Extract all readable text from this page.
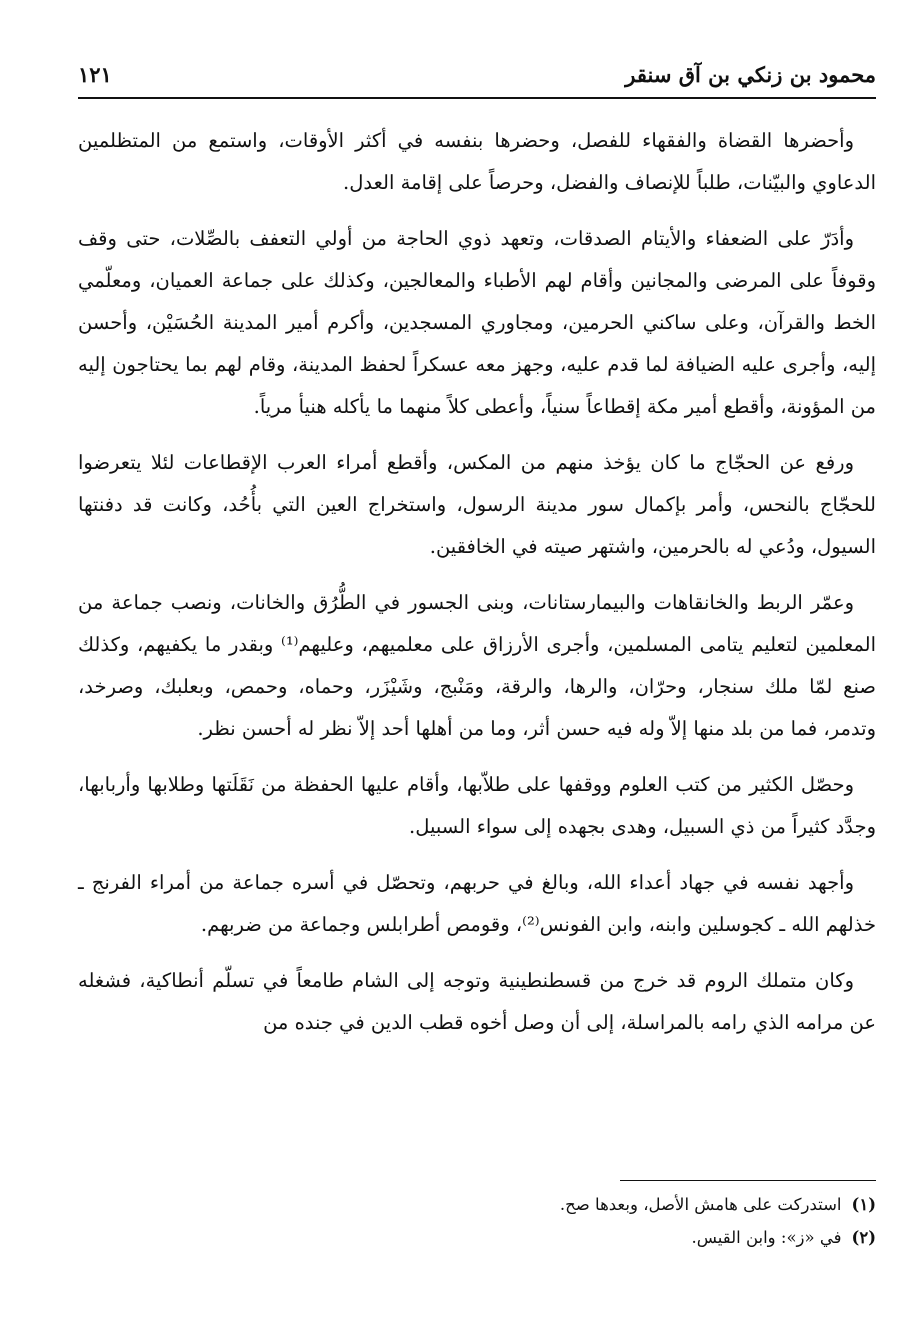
محمود بن زنكي بن آق سنقر
١٢١

وأحضرها القضاة والفقهاء للفصل، وحضرها بنفسه في أكثر الأوقات، واستمع من المتظلمين الدعاوي والبيّنات، طلباً للإنصاف والفضل، وحرصاً على إقامة العدل.

وأدَرّ على الضعفاء والأيتام الصدقات، وتعهد ذوي الحاجة من أولي التعفف بالصِّلات، حتى وقف وقوفاً على المرضى والمجانين وأقام لهم الأطباء والمعالجين، وكذلك على جماعة العميان، ومعلّمي الخط والقرآن، وعلى ساكني الحرمين، ومجاوري المسجدين، وأكرم أمير المدينة الحُسَيْن، وأحسن إليه، وأجرى عليه الضيافة لما قدم عليه، وجهز معه عسكراً لحفظ المدينة، وقام لهم بما يحتاجون إليه من المؤونة، وأقطع أمير مكة إقطاعاً سنياً، وأعطى كلاً منهما ما يأكله هنيأ مرياً.

ورفع عن الحجّاج ما كان يؤخذ منهم من المكس، وأقطع أمراء العرب الإقطاعات لئلا يتعرضوا للحجّاج بالنحس، وأمر بإكمال سور مدينة الرسول، واستخراج العين التي بأُحُد، وكانت قد دفنتها السيول، ودُعي له بالحرمين، واشتهر صيته في الخافقين.

وعمّر الربط والخانقاهات والبيمارستانات، وبنى الجسور في الطُّرُق والخانات، ونصب جماعة من المعلمين لتعليم يتامى المسلمين، وأجرى الأرزاق على معلميهم، وعليهم⁽¹⁾ وبقدر ما يكفيهم، وكذلك صنع لمّا ملك سنجار، وحرّان، والرها، والرقة، ومَنْبج، وشَيْزَر، وحماه، وحمص، وبعلبك، وصرخد، وتدمر، فما من بلد منها إلاّ وله فيه حسن أثر، وما من أهلها أحد إلاّ نظر له أحسن نظر.

وحصّل الكثير من كتب العلوم ووقفها على طلاّبها، وأقام عليها الحفظة من نَقَلَتها وطلابها وأربابها، وجدَّد كثيراً من ذي السبيل، وهدى بجهده إلى سواء السبيل.

وأجهد نفسه في جهاد أعداء الله، وبالغ في حربهم، وتحصّل في أسره جماعة من أمراء الفرنج ـ خذلهم الله ـ كجوسلين وابنه، وابن الفونس⁽²⁾، وقومص أطرابلس وجماعة من ضربهم.

وكان متملك الروم قد خرج من قسطنطينية وتوجه إلى الشام طامعاً في تسلّم أنطاكية، فشغله عن مرامه الذي رامه بالمراسلة، إلى أن وصل أخوه قطب الدين في جنده من

(١)استدركت على هامش الأصل، وبعدها صح.
(٢)في «ز»: وابن القيس.
